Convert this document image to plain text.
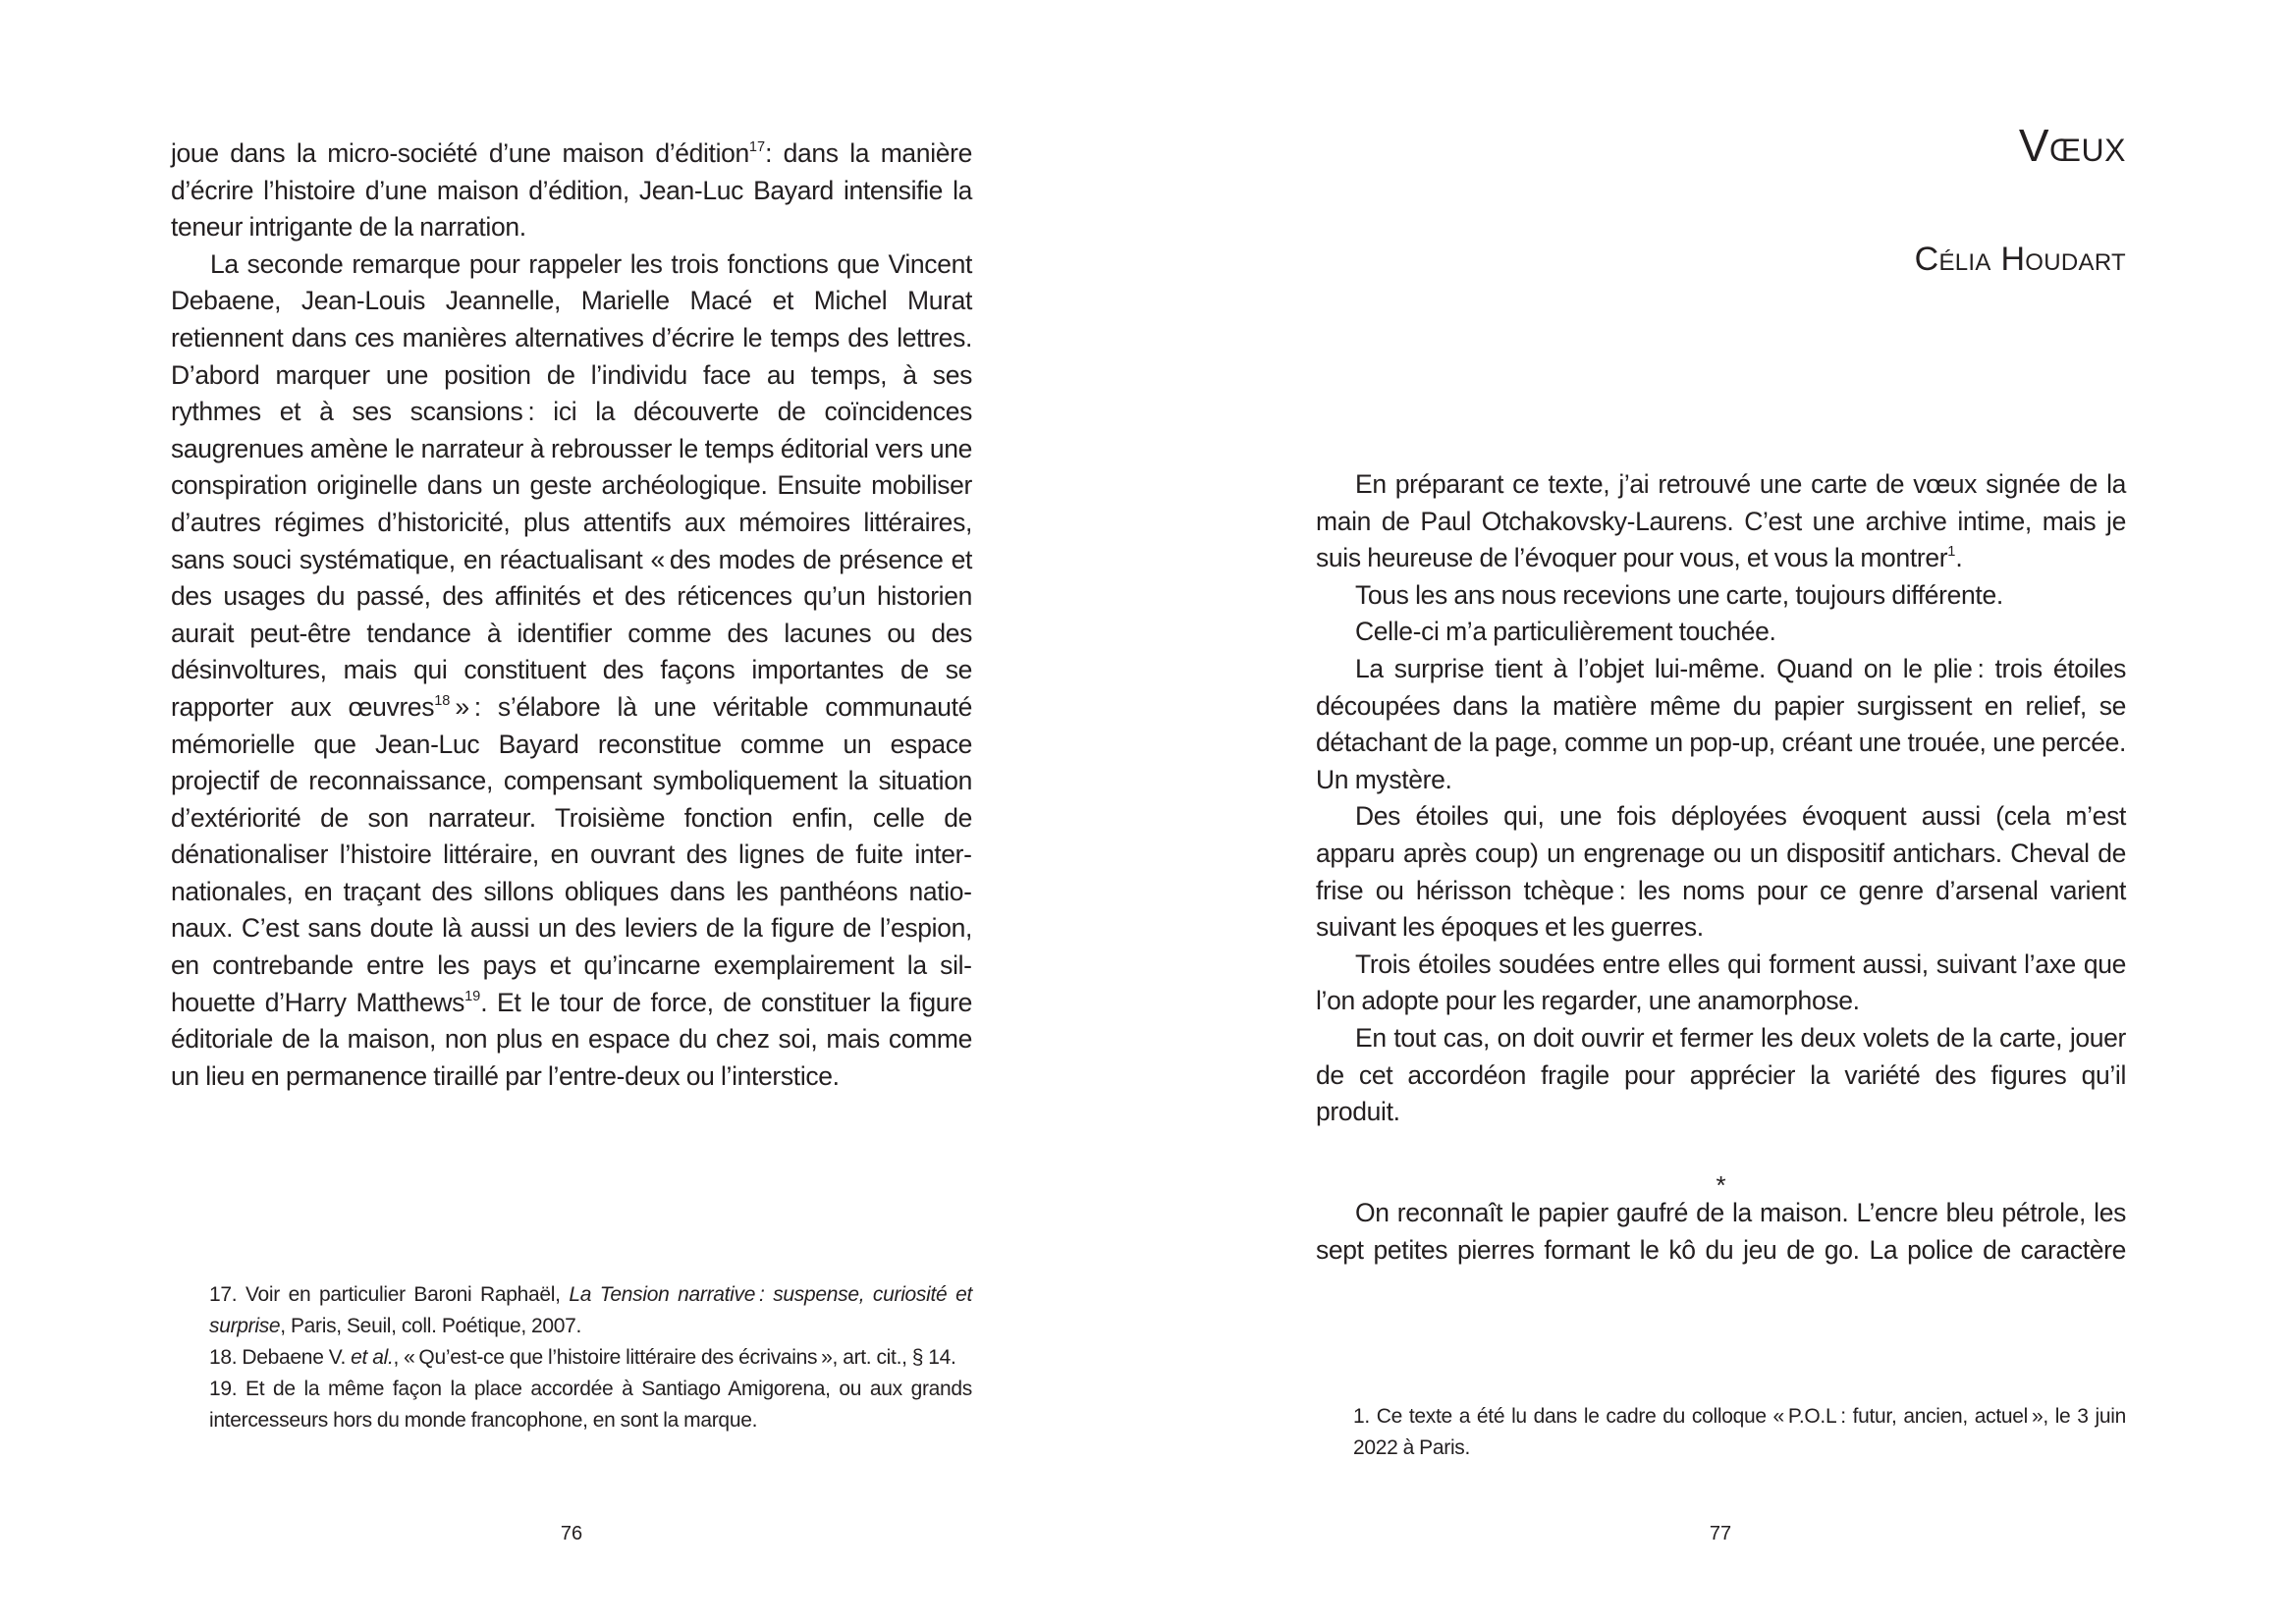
joue dans la micro-société d’une maison d’édition$^{17}$: dans la manière d’écrire l’histoire d’une maison d’édition, Jean-Luc Bayard intensifie la teneur intrigante de la narration.

La seconde remarque pour rappeler les trois fonctions que Vincent Debaene, Jean-Louis Jeannelle, Marielle Macé et Michel Murat retiennent dans ces manières alternatives d’écrire le temps des lettres. D’abord marquer une position de l’individu face au temps, à ses rythmes et à ses scansions : ici la découverte de coïncidences saugrenues amène le narrateur à rebrousser le temps éditorial vers une conspiration originelle dans un geste archéologique. Ensuite mobiliser d’autres régimes d’historicité, plus attentifs aux mémoires littéraires, sans souci systématique, en réactualisant « des modes de présence et des usages du passé, des affinités et des réticences qu’un historien aurait peut-être tendance à identifier comme des lacunes ou des désinvoltures, mais qui constituent des façons importantes de se rapporter aux œuvres$^{18}$ » : s’élabore là une véritable communauté mémorielle que Jean-Luc Bayard reconstitue comme un espace projectif de reconnaissance, compensant symboliquement la situation d’extériorité de son narrateur. Troisième fonction enfin, celle de dénationaliser l’histoire littéraire, en ouvrant des lignes de fuite internationales, en traçant des sillons obliques dans les panthéons nationaux. C’est sans doute là aussi un des leviers de la figure de l’espion, en contrebande entre les pays et qu’incarne exemplairement la silhouette d’Harry Matthews$^{19}$. Et le tour de force, de constituer la figure éditoriale de la maison, non plus en espace du chez soi, mais comme un lieu en permanence tiraillé par l’entre-deux ou l’interstice.

17. Voir en particulier Baroni Raphaël, La Tension narrative : suspense, curiosité et surprise, Paris, Seuil, coll. Poétique, 2007.

18. Debaene V. et al., « Qu’est-ce que l’histoire littéraire des écrivains », art. cit., § 14.

19. Et de la même façon la place accordée à Santiago Amigorena, ou aux grands intercesseurs hors du monde francophone, en sont la marque.

76
Vœux
Célia Houdart

En préparant ce texte, j’ai retrouvé une carte de vœux signée de la main de Paul Otchakovsky-Laurens. C’est une archive intime, mais je suis heureuse de l’évoquer pour vous, et vous la montrer$^1$.

Tous les ans nous recevions une carte, toujours différente.

Celle-ci m’a particulièrement touchée.

La surprise tient à l’objet lui-même. Quand on le plie : trois étoiles découpées dans la matière même du papier surgissent en relief, se détachant de la page, comme un pop-up, créant une trouée, une percée. Un mystère.

Des étoiles qui, une fois déployées évoquent aussi (cela m’est apparu après coup) un engrenage ou un dispositif antichars. Cheval de frise ou hérisson tchèque : les noms pour ce genre d’arsenal varient suivant les époques et les guerres.

Trois étoiles soudées entre elles qui forment aussi, suivant l’axe que l’on adopte pour les regarder, une anamorphose.

En tout cas, on doit ouvrir et fermer les deux volets de la carte, jouer de cet accordéon fragile pour apprécier la variété des figures qu’il produit.

*

On reconnaît le papier gaufré de la maison. L’encre bleu pétrole, les sept petites pierres formant le kô du jeu de go. La police de caractère

1. Ce texte a été lu dans le cadre du colloque « P.O.L : futur, ancien, actuel », le 3 juin 2022 à Paris.

77
